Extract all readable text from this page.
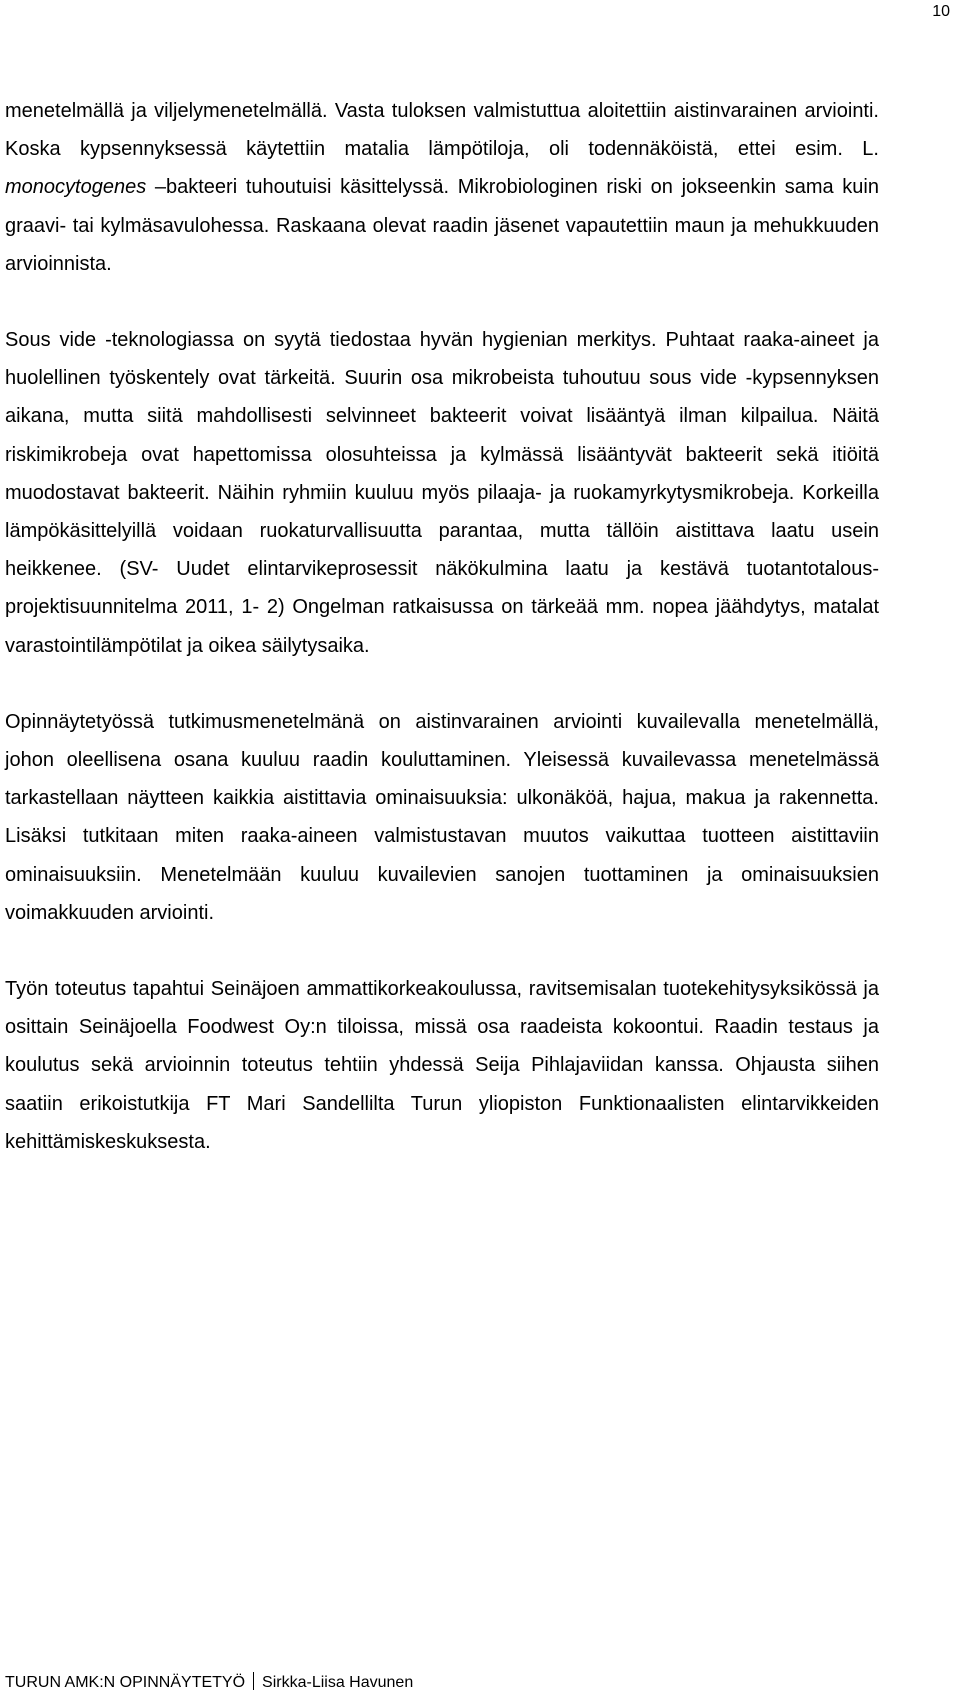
10

menetelmällä ja viljelymenetelmällä. Vasta tuloksen valmistuttua aloitettiin aistinvarainen arviointi. Koska kypsennyksessä käytettiin matalia lämpötiloja, oli todennäköistä, ettei esim. L. monocytogenes –bakteeri tuhoutuisi käsittelyssä. Mikrobiologinen riski on jokseenkin sama kuin graavi- tai kylmäsavulohessa. Raskaana olevat raadin jäsenet vapautettiin maun ja mehukkuuden arvioinnista.

Sous vide -teknologiassa on syytä tiedostaa hyvän hygienian merkitys. Puhtaat raaka-aineet ja huolellinen työskentely ovat tärkeitä. Suurin osa mikrobeista tuhoutuu sous vide -kypsennyksen aikana, mutta siitä mahdollisesti selvinneet bakteerit voivat lisääntyä ilman kilpailua. Näitä riskimikrobeja ovat hapettomissa olosuhteissa ja kylmässä lisääntyvät bakteerit sekä itiöitä muodostavat bakteerit. Näihin ryhmiin kuuluu myös pilaaja- ja ruokamyrkytysmikrobeja. Korkeilla lämpökäsittelyillä voidaan ruokaturvallisuutta parantaa, mutta tällöin aistittava laatu usein heikkenee. (SV- Uudet elintarvikeprosessit näkökulmina laatu ja kestävä tuotantotalous- projektisuunnitelma 2011, 1- 2) Ongelman ratkaisussa on tärkeää mm. nopea jäähdytys, matalat varastointilämpötilat ja oikea säilytysaika.

Opinnäytetyössä tutkimusmenetelmänä on aistinvarainen arviointi kuvailevalla menetelmällä, johon oleellisena osana kuuluu raadin kouluttaminen. Yleisessä kuvailevassa menetelmässä tarkastellaan näytteen kaikkia aistittavia ominaisuuksia: ulkonäköä, hajua, makua ja rakennetta. Lisäksi tutkitaan miten raaka-aineen valmistustavan muutos vaikuttaa tuotteen aistittaviin ominaisuuksiin. Menetelmään kuuluu kuvailevien sanojen tuottaminen ja ominaisuuksien voimakkuuden arviointi.

Työn toteutus tapahtui Seinäjoen ammattikorkeakoulussa, ravitsemisalan tuotekehitysyksikössä ja osittain Seinäjoella Foodwest Oy:n tiloissa, missä osa raadeista kokoontui. Raadin testaus ja koulutus sekä arvioinnin toteutus tehtiin yhdessä Seija Pihlajaviidan kanssa. Ohjausta siihen saatiin erikoistutkija FT Mari Sandellilta Turun yliopiston Funktionaalisten elintarvikkeiden kehittämiskeskuksesta.

TURUN AMK:N OPINNÄYTETYÖ Sirkka-Liisa Havunen
